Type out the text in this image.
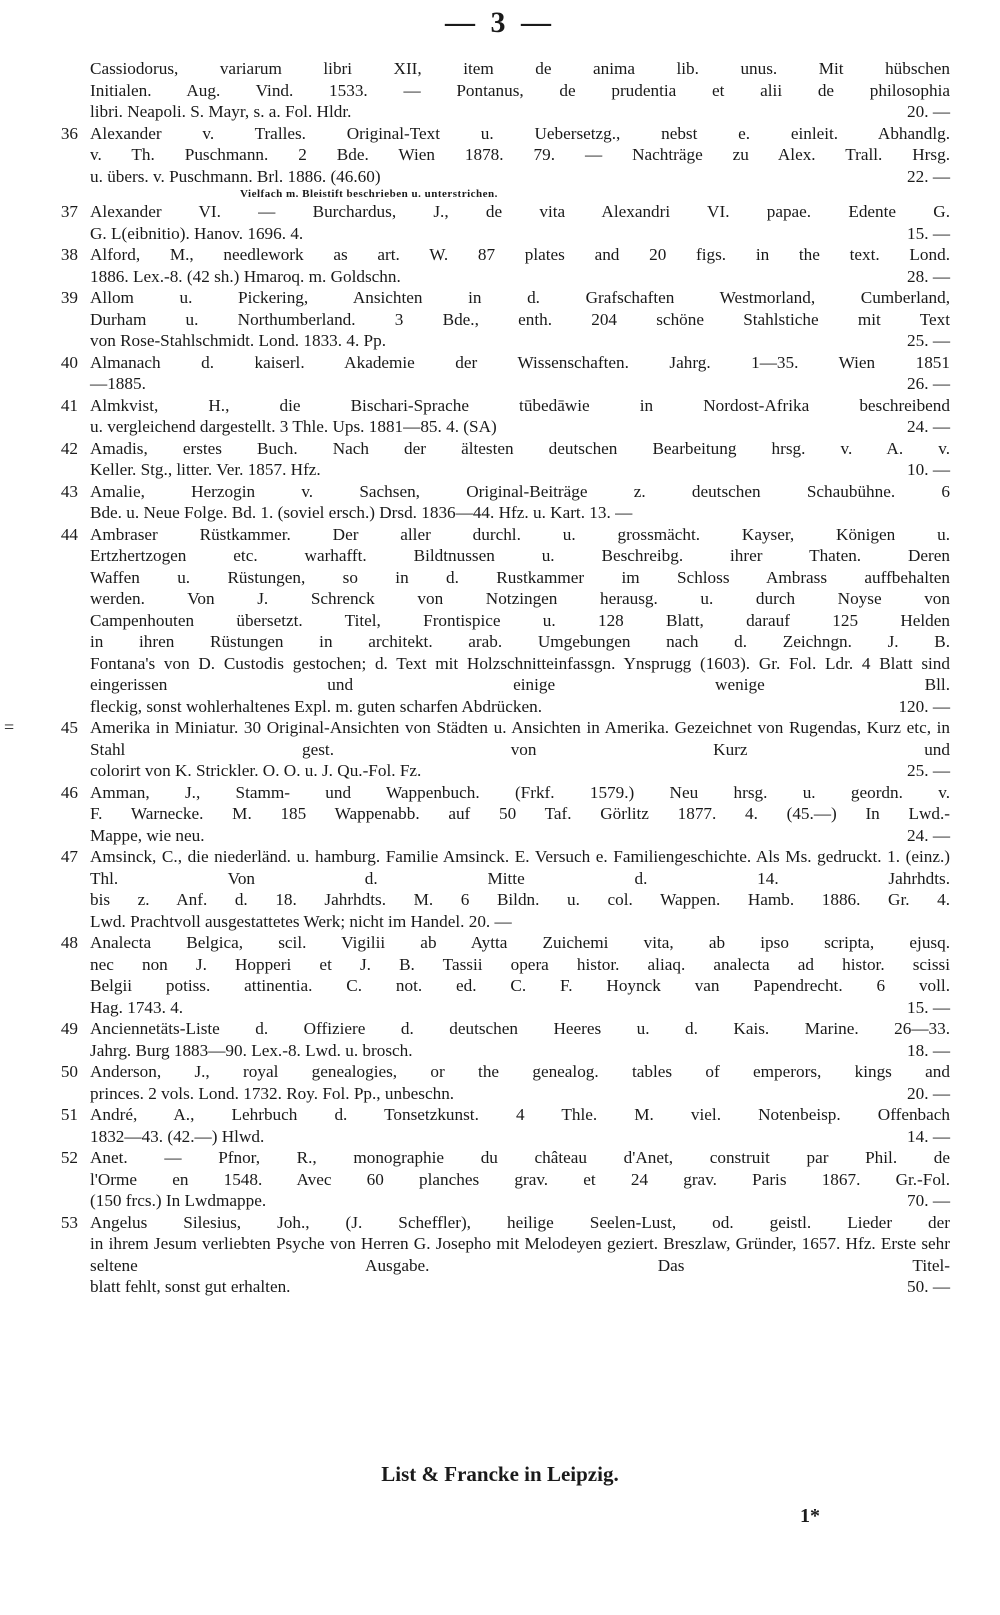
— 3 —
Cassiodorus, variarum libri XII, item de anima lib. unus. Mit hübschen
Initialen. Aug. Vind. 1533. — Pontanus, de prudentia et alii de philosophia
libri. Neapoli. S. Mayr, s. a. Fol. Hldr.	20. —
36 Alexander v. Tralles. Original-Text u. Uebersetzg., nebst e. einleit. Abhandlg.
v. Th. Puschmann. 2 Bde. Wien 1878. 79. — Nachträge zu Alex. Trall. Hrsg.
u. übers. v. Puschmann. Brl. 1886. (46.60)	22. —
Vielfach m. Bleistift beschrieben u. unterstrichen.
37 Alexander VI. — Burchardus, J., de vita Alexandri VI. papae. Edente G.
G. L(eibnitio). Hanov. 1696. 4.	15. —
38 Alford, M., needlework as art. W. 87 plates and 20 figs. in the text. Lond.
1886. Lex.-8. (42 sh.) Hmaroq. m. Goldschn.	28. —
39 Allom u. Pickering, Ansichten in d. Grafschaften Westmorland, Cumberland,
Durham u. Northumberland. 3 Bde., enth. 204 schöne Stahlstiche mit Text
von Rose-Stahlschmidt. Lond. 1833. 4. Pp.	25. —
40 Almanach d. kaiserl. Akademie der Wissenschaften. Jahrg. 1—35. Wien 1851
—1885.	26. —
41 Almkvist, H., die Bischari-Sprache tūbedāwie in Nordost-Afrika beschreibend
u. vergleichend dargestellt. 3 Thle. Ups. 1881—85. 4. (SA)	24. —
42 Amadis, erstes Buch. Nach der ältesten deutschen Bearbeitung hrsg. v. A. v.
Keller. Stg., litter. Ver. 1857. Hfz.	10. —
43 Amalie, Herzogin v. Sachsen, Original-Beiträge z. deutschen Schaubühne. 6
Bde. u. Neue Folge. Bd. 1. (soviel ersch.) Drsd. 1836—44. Hfz. u. Kart. 13. —
44 Ambraser Rüstkammer. Der aller durchl. u. grossmächt. Kayser, Königen u.
Ertzhertzogen etc. warhafft. Bildtnussen u. Beschreibg. ihrer Thaten. Deren
Waffen u. Rüstungen, so in d. Rustkammer im Schloss Ambrass auffbehalten
werden. Von J. Schrenck von Notzingen herausg. u. durch Noyse von
Campenhouten übersetzt. Titel, Frontispice u. 128 Blatt, darauf 125 Helden
in ihren Rüstungen in architekt. arab. Umgebungen nach d. Zeichngn. J. B.
Fontana's von D. Custodis gestochen; d. Text mit Holzschnitteinfassgn. Ynsprugg (1603). Gr. Fol. Ldr. 4 Blatt sind eingerissen und einige wenige Bll.
fleckig, sonst wohlerhaltenes Expl. m. guten scharfen Abdrücken.	120. —
=	45 Amerika in Miniatur. 30 Original-Ansichten von Städten u. Ansichten in Amerika. Gezeichnet von Rugendas, Kurz etc, in Stahl gest. von Kurz und
colorirt von K. Strickler. O. O. u. J. Qu.-Fol. Fz.	25. —
46 Amman, J., Stamm- und Wappenbuch. (Frkf. 1579.) Neu hrsg. u. geordn. v.
F. Warnecke. M. 185 Wappenabb. auf 50 Taf. Görlitz 1877. 4. (45.—) In Lwd.-
Mappe, wie neu.	24. —
47 Amsinck, C., die niederländ. u. hamburg. Familie Amsinck. E. Versuch e. Familiengeschichte. Als Ms. gedruckt. 1. (einz.) Thl. Von d. Mitte d. 14. Jahrhdts.
bis z. Anf. d. 18. Jahrhdts. M. 6 Bildn. u. col. Wappen. Hamb. 1886. Gr. 4.
Lwd. Prachtvoll ausgestattetes Werk; nicht im Handel. 20. —
48 Analecta Belgica, scil. Vigilii ab Aytta Zuichemi vita, ab ipso scripta, ejusq.
nec non J. Hopperi et J. B. Tassii opera histor. aliaq. analecta ad histor. scissi
Belgii potiss. attinentia. C. not. ed. C. F. Hoynck van Papendrecht. 6 voll.
Hag. 1743. 4.	15. —
49 Anciennetäts-Liste d. Offiziere d. deutschen Heeres u. d. Kais. Marine. 26—33.
Jahrg. Burg 1883—90. Lex.-8. Lwd. u. brosch.	18. —
50 Anderson, J., royal genealogies, or the genealog. tables of emperors, kings and
princes. 2 vols. Lond. 1732. Roy. Fol. Pp., unbeschn.	20. —
51 André, A., Lehrbuch d. Tonsetzkunst. 4 Thle. M. viel. Notenbeisp. Offenbach
1832—43. (42.—) Hlwd.	14. —
52 Anet. — Pfnor, R., monographie du château d'Anet, construit par Phil. de
l'Orme en 1548. Avec 60 planches grav. et 24 grav. Paris 1867. Gr.-Fol.
(150 frcs.) In Lwdmappe.	70. —
53 Angelus Silesius, Joh., (J. Scheffler), heilige Seelen-Lust, od. geistl. Lieder der
in ihrem Jesum verliebten Psyche von Herren G. Josepho mit Melodeyen geziert. Breszlaw, Gründer, 1657. Hfz. Erste sehr seltene Ausgabe. Das Titel-
blatt fehlt, sonst gut erhalten.	50. —
List & Francke in Leipzig.
1*
